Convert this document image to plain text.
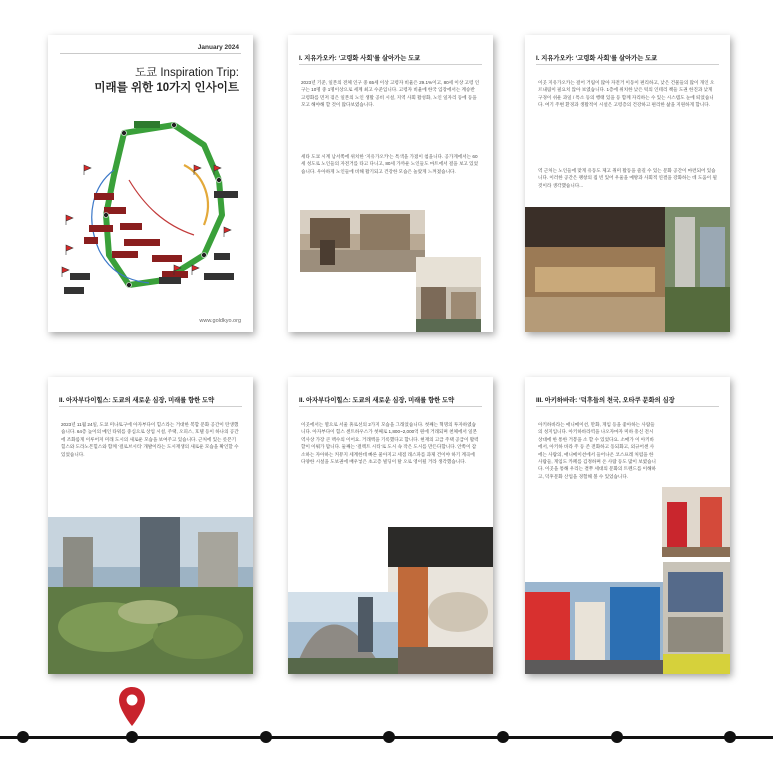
January 2024
도쿄 Inspiration Trip:
미래를 위한 10가지 인사이트
www.goldkyo.org
I. 지유가오카: ‘고령화 사회’를 살아가는 도쿄
2023년 기준, 일본의 전체 인구 중 65세 이상 고령자 비율은 29.1%이고, 80세 이상 고령 인구는 10명 중 1명이상으로 세계 최고 수준입니다. 고령자 비율에 한국 입장에서는 계승반 고령화를 먼저 겪은 일본의 노인 생활 공비 시설, 지역 사회 활성화, 노인 일자리 등에 등을 모고 해야해 할 것이 많다보였습니다.
세타 도쿄 시계 남서쪽에 위치한 ‘지유가오카’는 특색을 가졌이 첨을니다. 공가게에서는 60세 성도로 노인들의 자전거를 타고 다니고, 80세 가까운 노인들도 마트에서 걸을 보고 있었습니다. 우아하게 노인들에 비해 활기되고 건강한 모습은 놀랐게 느껴졌습니다.
I. 지유가오카: ‘고령화 사회’를 살아가는 도쿄
이곳 지유가오카는 걸어 거림이 많아 자전거 이동이 편리하고, 낮은 건물들의 많이 개인 오르내림이 필요치 않아 보였습니다. 1층에 위치한 낮은 턱의 인테리 책들 도권 한진과 낮게 구경이 쉬운 과일 / 특소 등의 행태 있을 등 함께 자리하는 수 있는 시스템도 눈에 띄었습니다. 여기 주변 환경과 생활적이 시설은 고령층의 건강하고 편리한 삶을 지원하게 합니다.
역 근처는 노인들에 맞게 유동도 제고 취미 활동을 즐길 수 있는 문화 공간이 마련되어 있습니다. 이러한 공간은 팽창의 집 빈 있어 우울을 예방과 사회적 연결을 강화하는 데 도움이 될 것이라 생각했습니다...
II. 아자부다이힐스: 도쿄의 새로운 심장, 미래를 향한 도약
2023년 11월 24일, 도쿄 미나토구에 아자부다이 힐스라는 거대한 복합 문화 공간이 탄생했습니다. 64층 높이의 메인 타워를 중심으로 상업 시설, 주택, 오피스, 호텔 등이 하나의 공간에 조화롭게 이루어져 미래 도시의 새로운 모습을 보여주고 있습니다. 근처에 있는 롯폰기힐스와 도라노몬힐스와 함께 ‘걸로브시티’ 개발이라는 도시재생의 새로운 모습을 확인할 수 있었습니다.
II. 아자부다이힐스: 도쿄의 새로운 심장, 미래를 향한 도약
이곳에서는 열으로 서울 휴로선의 2가지 모습을 그래었습니다. 첫째는 혁명의 투자하였습니다. 아자부다이 힐스 센트하우스가 첫째로 1,800~2,000억 원에 거래되며 천체에서 일본 역사상 가장 큰 맥수의 이어요. 거래액을 기록했다고 합니다. 현재의 고급 주택 공급이 활력할이 이뤄가 맙니다. 둘째는 ‘걸렉트 시티’로 도시 속 작은 도시를 만든다합니다. 안쪽이 갑소하는 자아하는 커뮤지 세계한데 빠른 물아지고 세점 래스파를 과제 건이야 하기 계곡에 다양한 시설을 도보권에 배우넣은 초고층 빌딩이 탈 오로 영이될 거라 생각했습니다.
III. 아키하바라: ‘덕후들의 천국, 오타쿠 문화의 심장
아키하바라는 애니메이션, 만화, 게임 등을 좋아하는 사람들의 성지입니다. 아키하바라역을 나오자마자 미하 흥신 전시 상대에 한 통한 거봉을 소 할 수 있었다요. 소매가 이 아키바에서, 아키하 바라 주 등 존 전화하고 동되화고, 외규어센 사에는 사람의, 애니메이션에서 들어나온 코스프레 처럼을 한 사람들, 게임도 카페를 김정하며 온 사람 등도 많이 보였습니다. 이곳을 통해 우리는 결쭈 세대의 문화의 트렌드를 이해하고, 덕후문화 산업을 경험해 볼 수 있었습니다.
